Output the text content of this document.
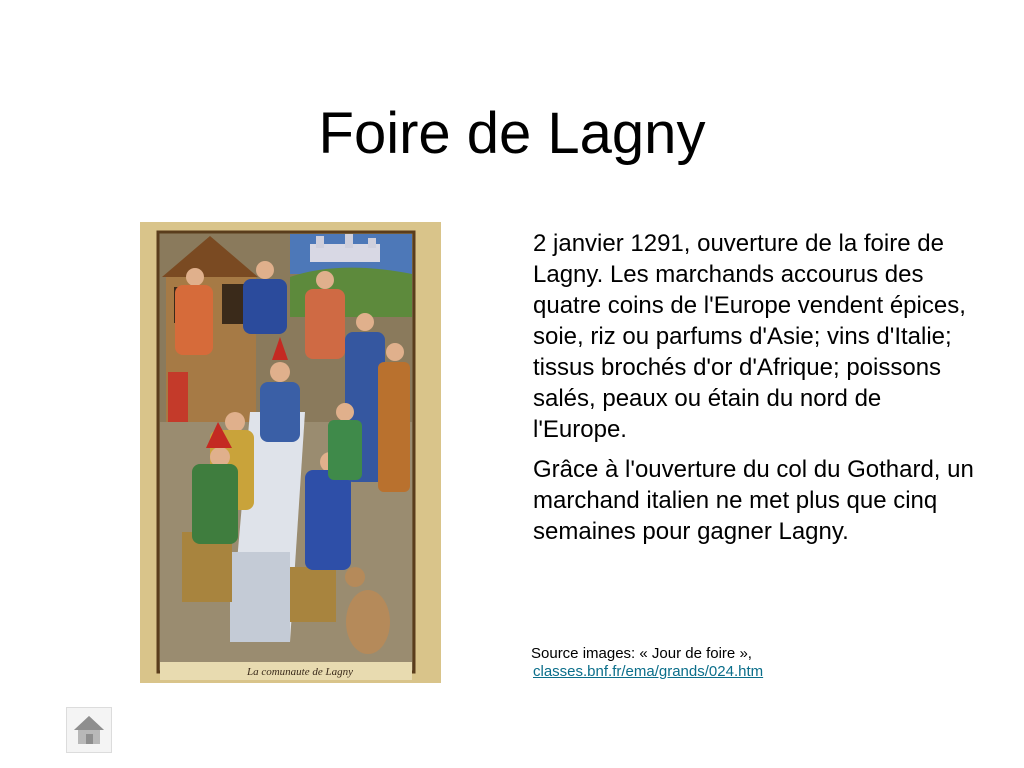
Foire de Lagny
La comunaute de Lagny

2 janvier 1291, ouverture de la foire de Lagny. Les marchands accourus des quatre coins de l'Europe vendent épices, soie, riz ou parfums d'Asie; vins d'Italie; tissus brochés d'or d'Afrique; poissons salés, peaux ou étain du nord de l'Europe.

Grâce à l'ouverture du col du Gothard, un marchand italien ne met plus que cinq semaines pour gagner Lagny.

Source images: « Jour de foire »,
classes.bnf.fr/ema/grands/024.htm
